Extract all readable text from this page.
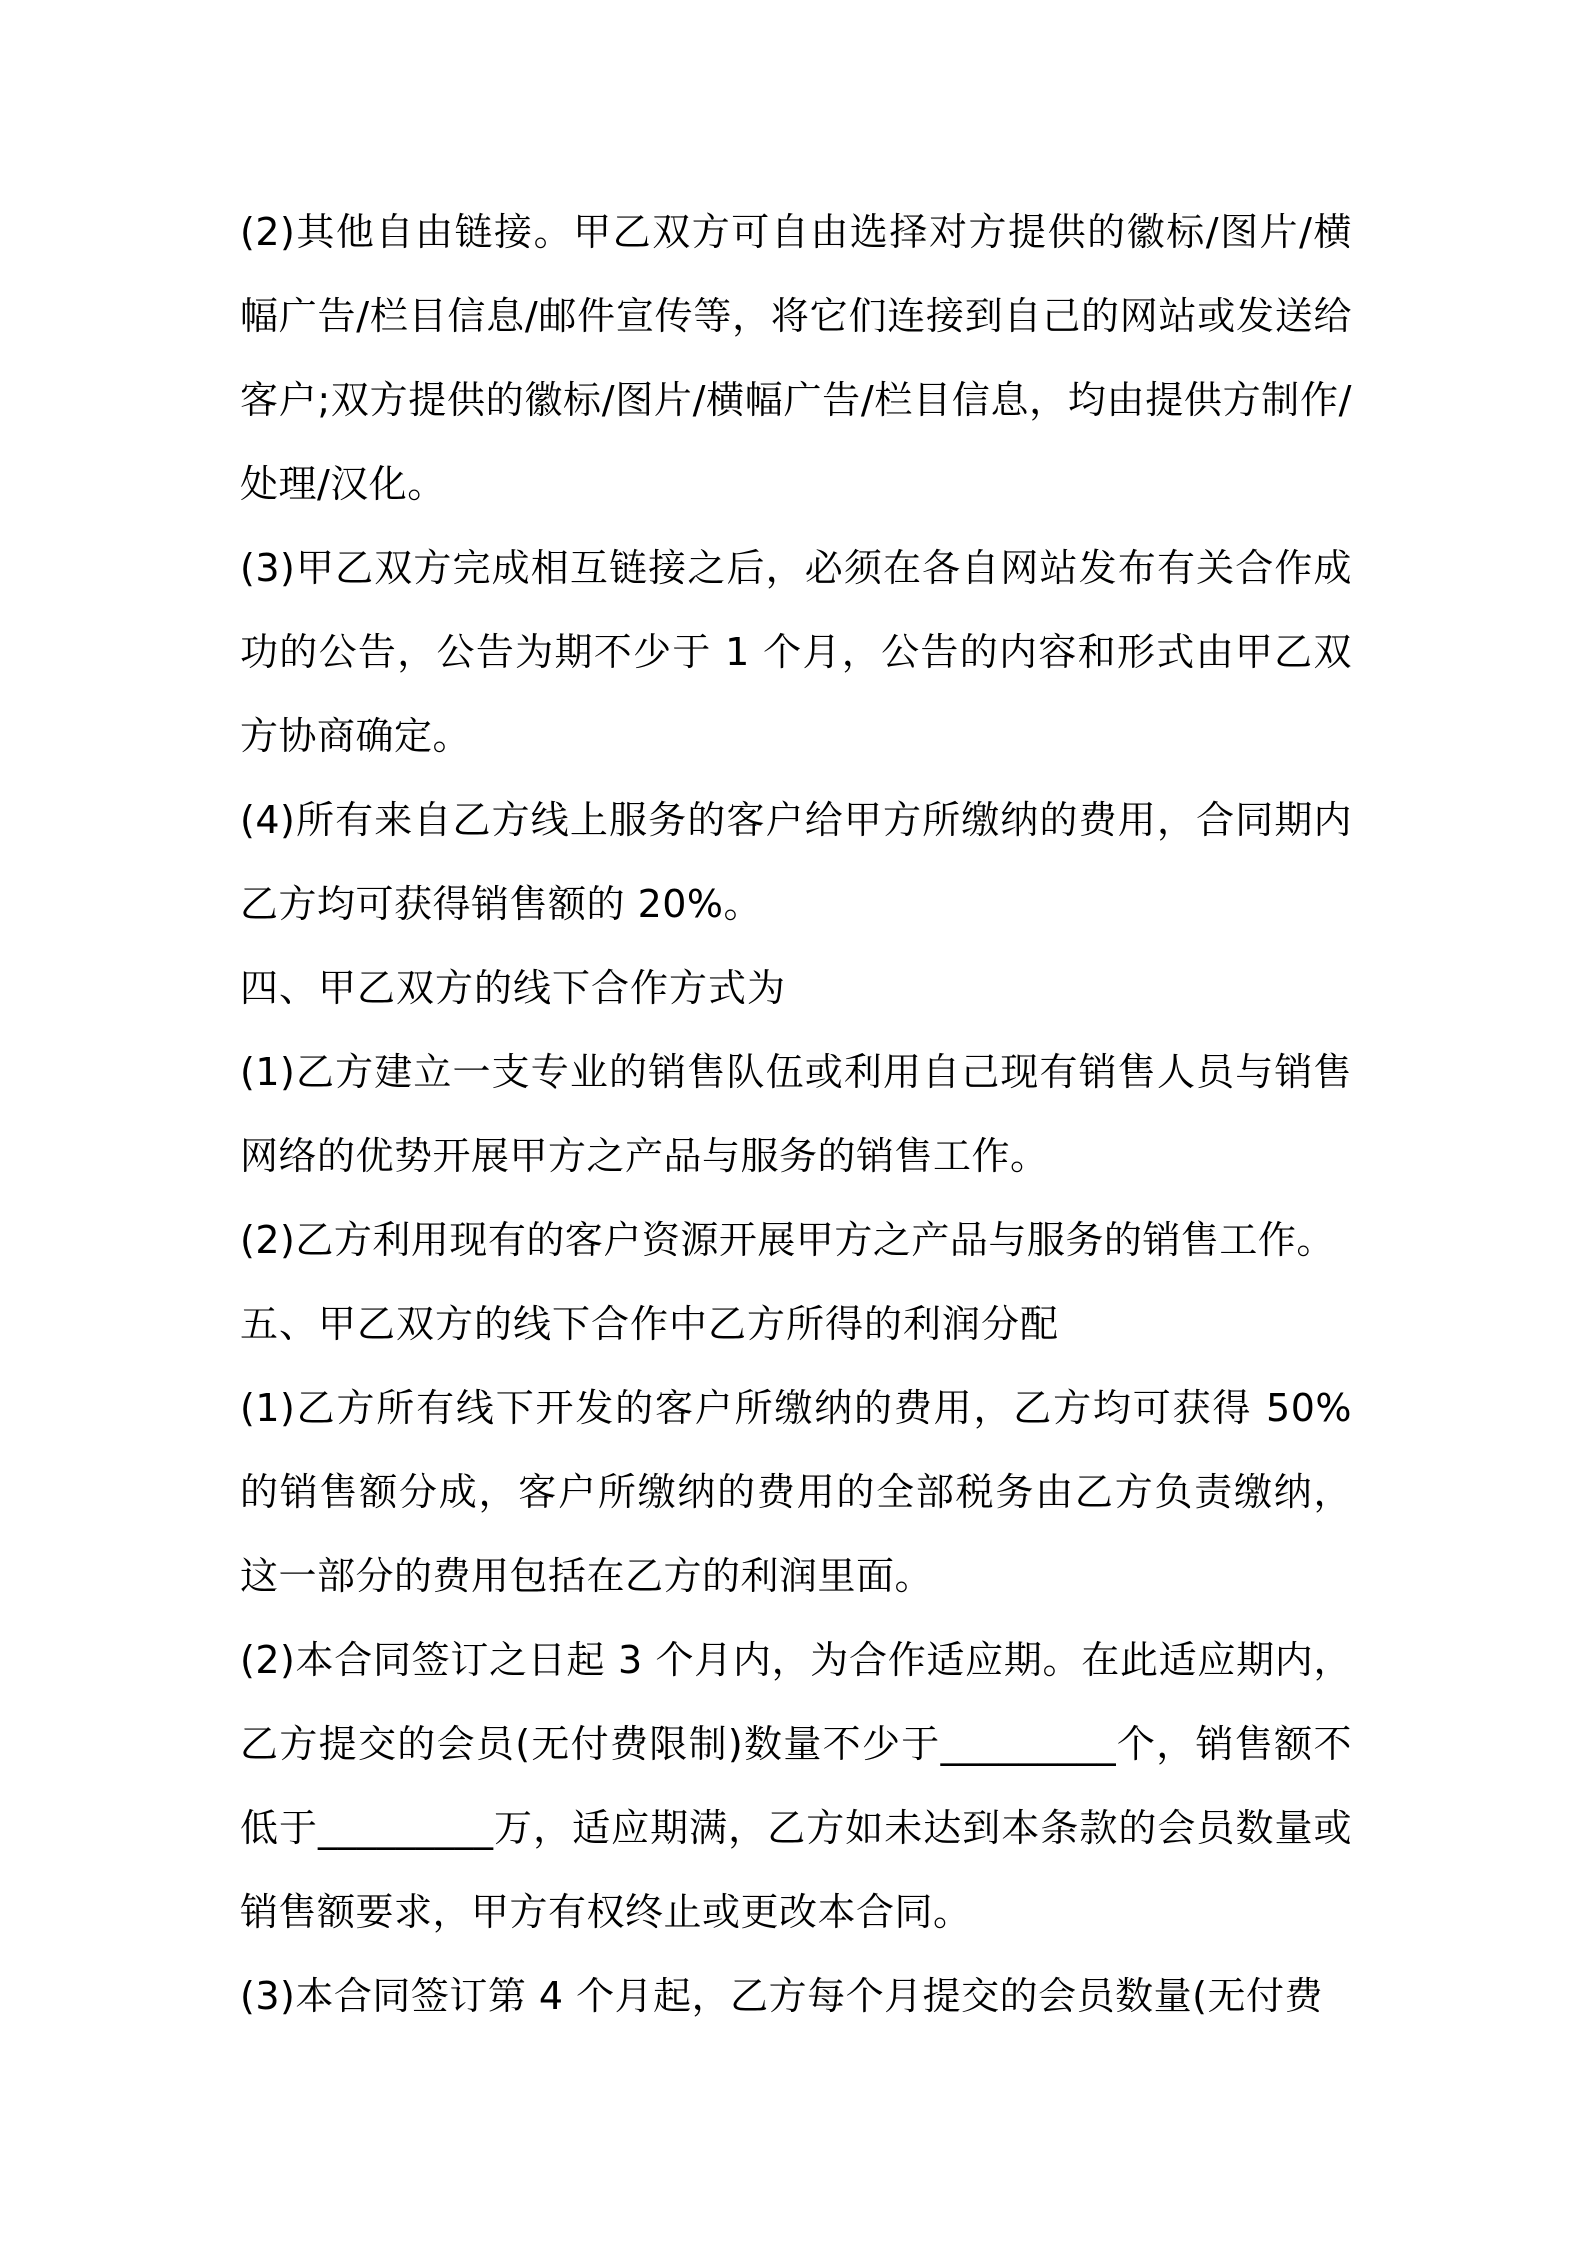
(2)其他自由链接。甲乙双方可自由选择对方提供的徽标/图片/横幅广告/栏目信息/邮件宣传等，将它们连接到自己的网站或发送给客户;双方提供的徽标/图片/横幅广告/栏目信息，均由提供方制作/处理/汉化。

(3)甲乙双方完成相互链接之后，必须在各自网站发布有关合作成功的公告，公告为期不少于 1 个月，公告的内容和形式由甲乙双方协商确定。

(4)所有来自乙方线上服务的客户给甲方所缴纳的费用，合同期内乙方均可获得销售额的 20%。

四、甲乙双方的线下合作方式为

(1)乙方建立一支专业的销售队伍或利用自己现有销售人员与销售网络的优势开展甲方之产品与服务的销售工作。

(2)乙方利用现有的客户资源开展甲方之产品与服务的销售工作。

五、甲乙双方的线下合作中乙方所得的利润分配

(1)乙方所有线下开发的客户所缴纳的费用，乙方均可获得 50%的销售额分成，客户所缴纳的费用的全部税务由乙方负责缴纳，这一部分的费用包括在乙方的利润里面。

(2)本合同签订之日起 3 个月内，为合作适应期。在此适应期内，乙方提交的会员(无付费限制)数量不少于_________个，销售额不低于_________万，适应期满，乙方如未达到本条款的会员数量或销售额要求，甲方有权终止或更改本合同。

(3)本合同签订第 4 个月起，乙方每个月提交的会员数量(无付费
